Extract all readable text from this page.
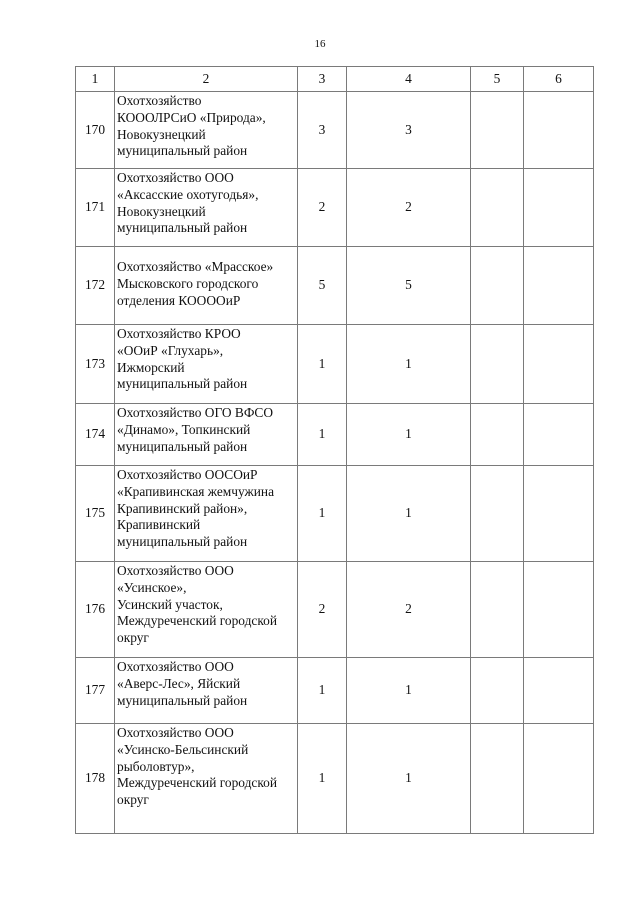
16
1	2	3	4	5	6
170	Охотхозяйство
КОООЛРСиО «Природа»,
Новокузнецкий
муниципальный район	3	3		
171	Охотхозяйство ООО
«Аксасские охотугодья»,
Новокузнецкий
муниципальный район	2	2		
172	Охотхозяйство «Мрасское»
Мысковского городского
отделения КООООиР	5	5		
173	Охотхозяйство КРОО
«ООиР «Глухарь»,
Ижморский
муниципальный район	1	1		
174	Охотхозяйство ОГО ВФСО
«Динамо», Топкинский
муниципальный район	1	1		
175	Охотхозяйство ООСОиР
«Крапивинская жемчужина
Крапивинский район»,
Крапивинский
муниципальный район	1	1		
176	Охотхозяйство ООО
«Усинское»,
Усинский участок,
Междуреченский городской
округ	2	2		
177	Охотхозяйство ООО
«Аверс-Лес», Яйский
муниципальный район	1	1		
178	Охотхозяйство ООО
«Усинско-Бельсинский
рыболовтур»,
Междуреченский городской
округ	1	1		
